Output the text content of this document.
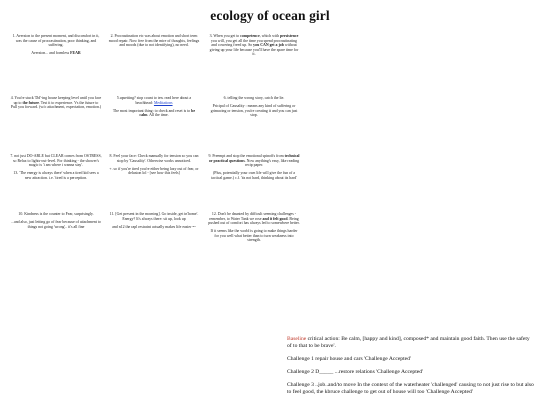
ecology of ocean girl

1. Aversion to the present moment, and discomfort in it, was the cause of procrastination, poor thinking, and suffering.

Aversion... and formless FEAR

2. Procrastination etc was about emotion and short term mood repair. Now free from the mire of thoughts, feelings and moods (due to not identifying), no need.

3. When you get to competence, which with persistence you will, you get all the time you spend procrastinating and cowering freed up. So you CAN get a job without giving up your life because you'll have the spare time for it.

4. You're stuck 'Dd'-ing house keeping level until you face up to the future. Test it to experience. Vs the future to Pull you forward. (w/o attachment, expectation, emotion.)

5.upsetting? stop count to ten. read here about a beachhead: Meditations

The most important thing: to check and reset is to be calm. All the time.

6. telling the wrong story, catch the lie.

Pricipal of Causality : means any kind of suffering or grimacing or tension, you're creating it and you can just stop.

7. not just DO-ABLE but CLEAR comes from OSTRESS, so Relax to lights-out-level. For thinking - the shower's magic is 'i am where i wanna stay'.

13. 'The energy is always there' when a tired kid sees a new attraction. i.e. 'tired is a perception.

8. Feel your face: Check manually for tension so you can stop by 'Causality'. Otherwise works unnoticed.

+. so if you're tired you're either being lazy out of fear, or delusion lol - [see how this feels]

9. Preempt and stop the emotional spinoffs from technical or practical questions. Now anything's easy, like reading recip paper.

(Plus, potentially your own life will give the fun of a tactical game.) c.f. 'its not hard, thinking about its hard'

10. Kindness is the counter to Fear, surprisingly.

...and also, just letting go of fear because of attachment to things not going 'wrong'.. it's all fine

11. [Get present in the morning]. Go inside, get in'home'. Energy? It's always there: sit up, look up

and n12 the rapl restraint actually makes life easier =-

12. Don't be daunted by difficult seeming challenges - remember, to Water Tank we rose and it felt good. Being pushed out of comfort has always led to somewhere better.

If it seems like the world is going to make things harder for you well what better than to turn weakness into strength.

Baseline critical action: Be calm, [happy and kind], composed* and maintain good faith. Then use the safety of to that to be brave'.

Challenge 1 repair house and cars 'Challenge Accepted'

Challenge 2 D_____ ...restore relations 'Challenge Accepted'

Challenge 3 ..job..and/to move In the context of the waterheater 'challenged' causing to not just rise to but also to feel good, the kbruce challenge to get out of house will too 'Challenge Accepted'
